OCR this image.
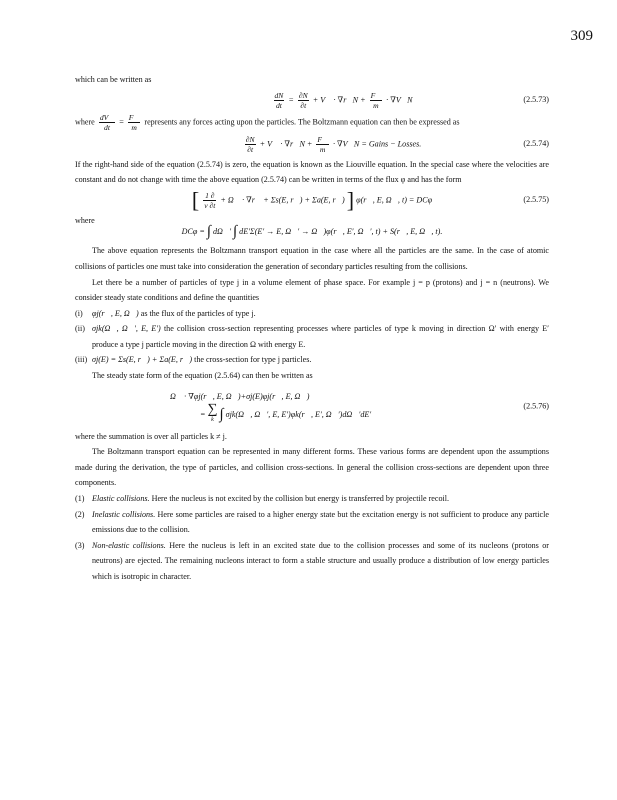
309

which can be written as

$\frac{dN}{dt} = \frac{\partial N}{\partial t}$ + V⃗ · ∇r⃗N + $\frac{F⃗}{m}$ · ∇V⃗N	(2.5.73)

where $\frac{dV⃗}{dt} = \frac{F⃗}{m}$ represents any forces acting upon the particles. The Boltzmann equation can then be expressed as

$\frac{\partial N}{\partial t}$ + V⃗ · ∇r⃗N + $\frac{F⃗}{m}$ · ∇V⃗N = Gains − Losses.	(2.5.74)

If the right-hand side of the equation (2.5.74) is zero, the equation is known as the Liouville equation. In the special case where the velocities are constant and do not change with time the above equation (2.5.74) can be written in terms of the flux φ and has the form

[ $\frac{1 \partial}{v \partial t}$ + Ω⃗ · ∇r⃗ + Σs(E, r⃗) + Σa(E, r⃗) ] φ(r⃗, E, Ω⃗, t) = DCφ	(2.5.75)

where

DCφ = ∫ dΩ⃗′ ∫ dE′Σ(E′ → E, Ω⃗′ → Ω⃗)φ(r⃗, E′, Ω⃗′, t) + S(r⃗, E, Ω⃗, t).

The above equation represents the Boltzmann transport equation in the case where all the particles are the same. In the case of atomic collisions of particles one must take into consideration the generation of secondary particles resulting from the collisions.

Let there be a number of particles of type j in a volume element of phase space. For example j = p (protons) and j = n (neutrons). We consider steady state conditions and define the quantities

(i) φj(r⃗, E, Ω⃗) as the flux of the particles of type j.
(ii) σjk(Ω⃗, Ω⃗′, E, E′) the collision cross-section representing processes where particles of type k moving in direction Ω′ with energy E′ produce a type j particle moving in the direction Ω with energy E.
(iii) σj(E) = Σs(E, r⃗) + Σa(E, r⃗) the cross-section for type j particles.

The steady state form of the equation (2.5.64) can then be written as

Ω⃗ · ∇φj(r⃗, E, Ω⃗)+σj(E)φj(r⃗, E, Ω⃗)
= ∑
k ∫ σjk(Ω⃗, Ω⃗′, E, E′)φk(r⃗, E′, Ω⃗′)dΩ⃗′dE′
(2.5.76)

where the summation is over all particles k ≠ j.

The Boltzmann transport equation can be represented in many different forms. These various forms are dependent upon the assumptions made during the derivation, the type of particles, and collision cross-sections. In general the collision cross-sections are dependent upon three components.

(1) Elastic collisions. Here the nucleus is not excited by the collision but energy is transferred by projectile recoil.
(2) Inelastic collisions. Here some particles are raised to a higher energy state but the excitation energy is not sufficient to produce any particle emissions due to the collision.
(3) Non-elastic collisions. Here the nucleus is left in an excited state due to the collision processes and some of its nucleons (protons or neutrons) are ejected. The remaining nucleons interact to form a stable structure and usually produce a distribution of low energy particles which is isotropic in character.
